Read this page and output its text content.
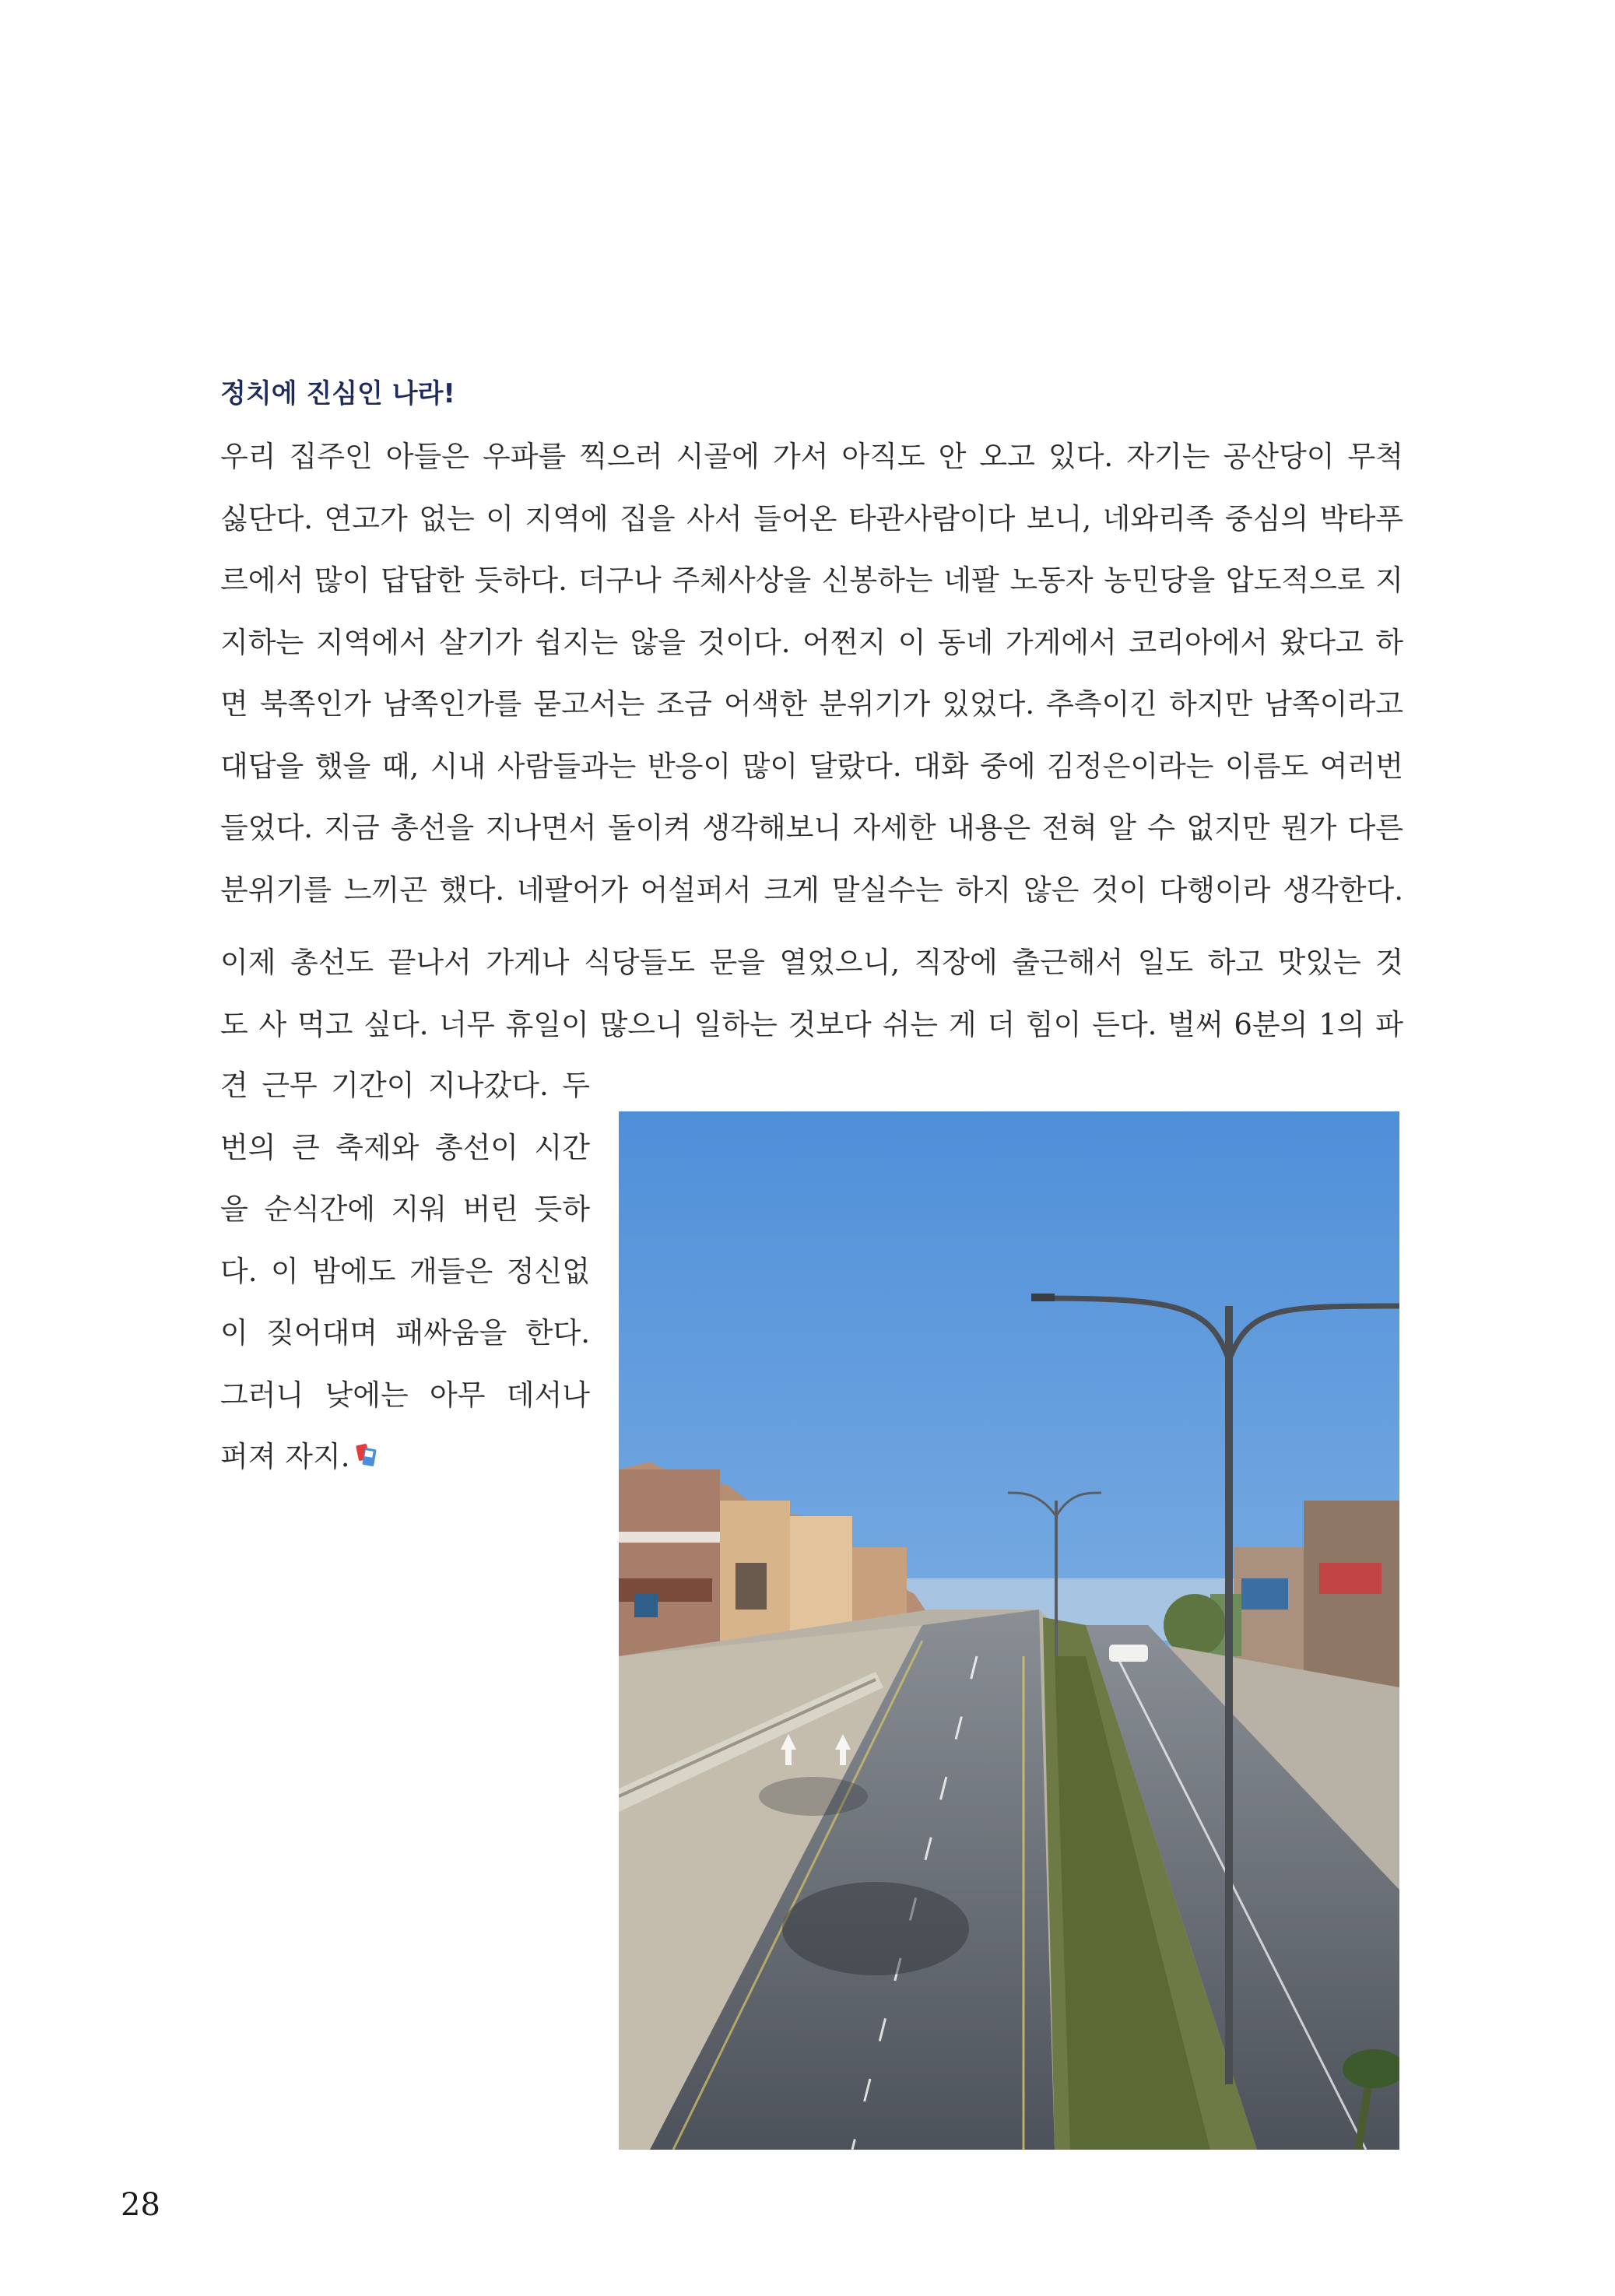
정치에 진심인 나라!
우리 집주인 아들은 우파를 찍으러 시골에 가서 아직도 안 오고 있다. 자기는 공산당이 무척
싫단다. 연고가 없는 이 지역에 집을 사서 들어온 타관사람이다 보니, 네와리족 중심의 박타푸
르에서 많이 답답한 듯하다. 더구나 주체사상을 신봉하는 네팔 노동자 농민당을 압도적으로 지
지하는 지역에서 살기가 쉽지는 않을 것이다. 어쩐지 이 동네 가게에서 코리아에서 왔다고 하
면 북쪽인가 남쪽인가를 묻고서는 조금 어색한 분위기가 있었다. 추측이긴 하지만 남쪽이라고
대답을 했을 때, 시내 사람들과는 반응이 많이 달랐다. 대화 중에 김정은이라는 이름도 여러번
들었다. 지금 총선을 지나면서 돌이켜 생각해보니 자세한 내용은 전혀 알 수 없지만 뭔가 다른
분위기를 느끼곤 했다. 네팔어가 어설퍼서 크게 말실수는 하지 않은 것이 다행이라 생각한다.
이제 총선도 끝나서 가게나 식당들도 문을 열었으니, 직장에 출근해서 일도 하고 맛있는 것
도 사 먹고 싶다. 너무 휴일이 많으니 일하는 것보다 쉬는 게 더 힘이 든다. 벌써 6분의 1의 파
견 근무 기간이 지나갔다. 두
번의 큰 축제와 총선이 시간
을 순식간에 지워 버린 듯하
다. 이 밤에도 개들은 정신없
이 짖어대며 패싸움을 한다.
그러니 낮에는 아무 데서나
퍼져 자지.
28
